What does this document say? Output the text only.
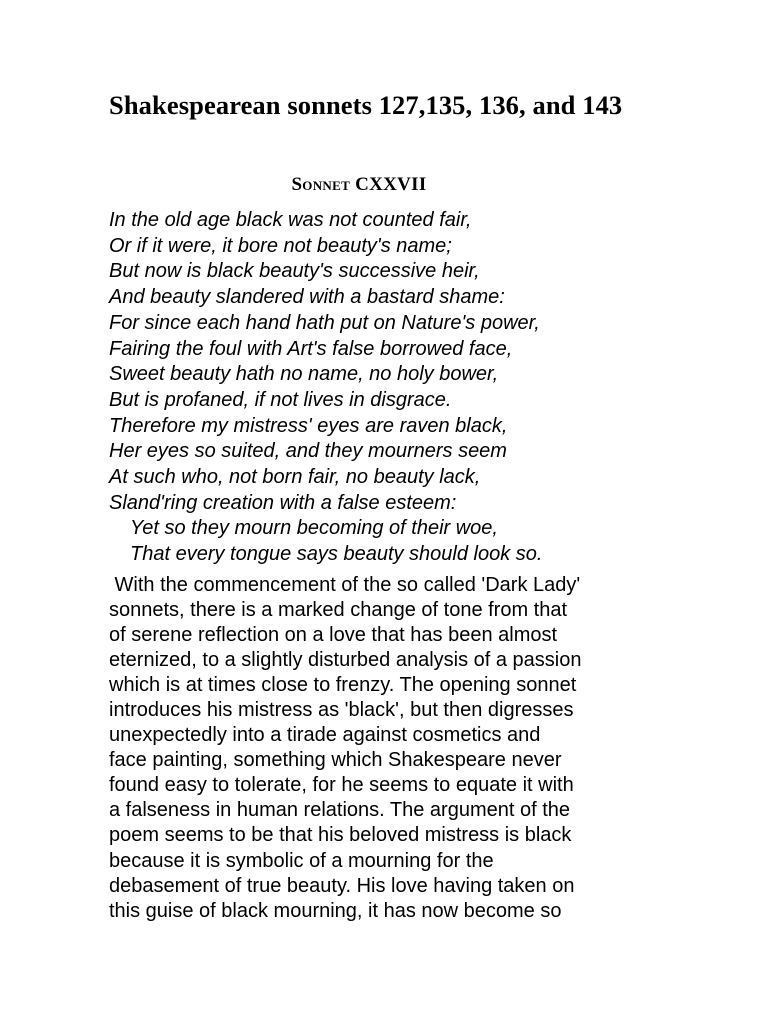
Shakespearean sonnets 127,135, 136, and 143
Sonnet CXXVII
In the old age black was not counted fair,
Or if it were, it bore not beauty's name;
But now is black beauty's successive heir,
And beauty slandered with a bastard shame:
For since each hand hath put on Nature's power,
Fairing the foul with Art's false borrowed face,
Sweet beauty hath no name, no holy bower,
But is profaned, if not lives in disgrace.
Therefore my mistress' eyes are raven black,
Her eyes so suited, and they mourners seem
At such who, not born fair, no beauty lack,
Sland'ring creation with a false esteem:
Yet so they mourn becoming of their woe,
That every tongue says beauty should look so.
With the commencement of the so called 'Dark Lady'
sonnets, there is a marked change of tone from that
of serene reflection on a love that has been almost
eternized, to a slightly disturbed analysis of a passion
which is at times close to frenzy. The opening sonnet
introduces his mistress as 'black', but then digresses
unexpectedly into a tirade against cosmetics and
face painting, something which Shakespeare never
found easy to tolerate, for he seems to equate it with
a falseness in human relations. The argument of the
poem seems to be that his beloved mistress is black
because it is symbolic of a mourning for the
debasement of true beauty. His love having taken on
this guise of black mourning, it has now become so
